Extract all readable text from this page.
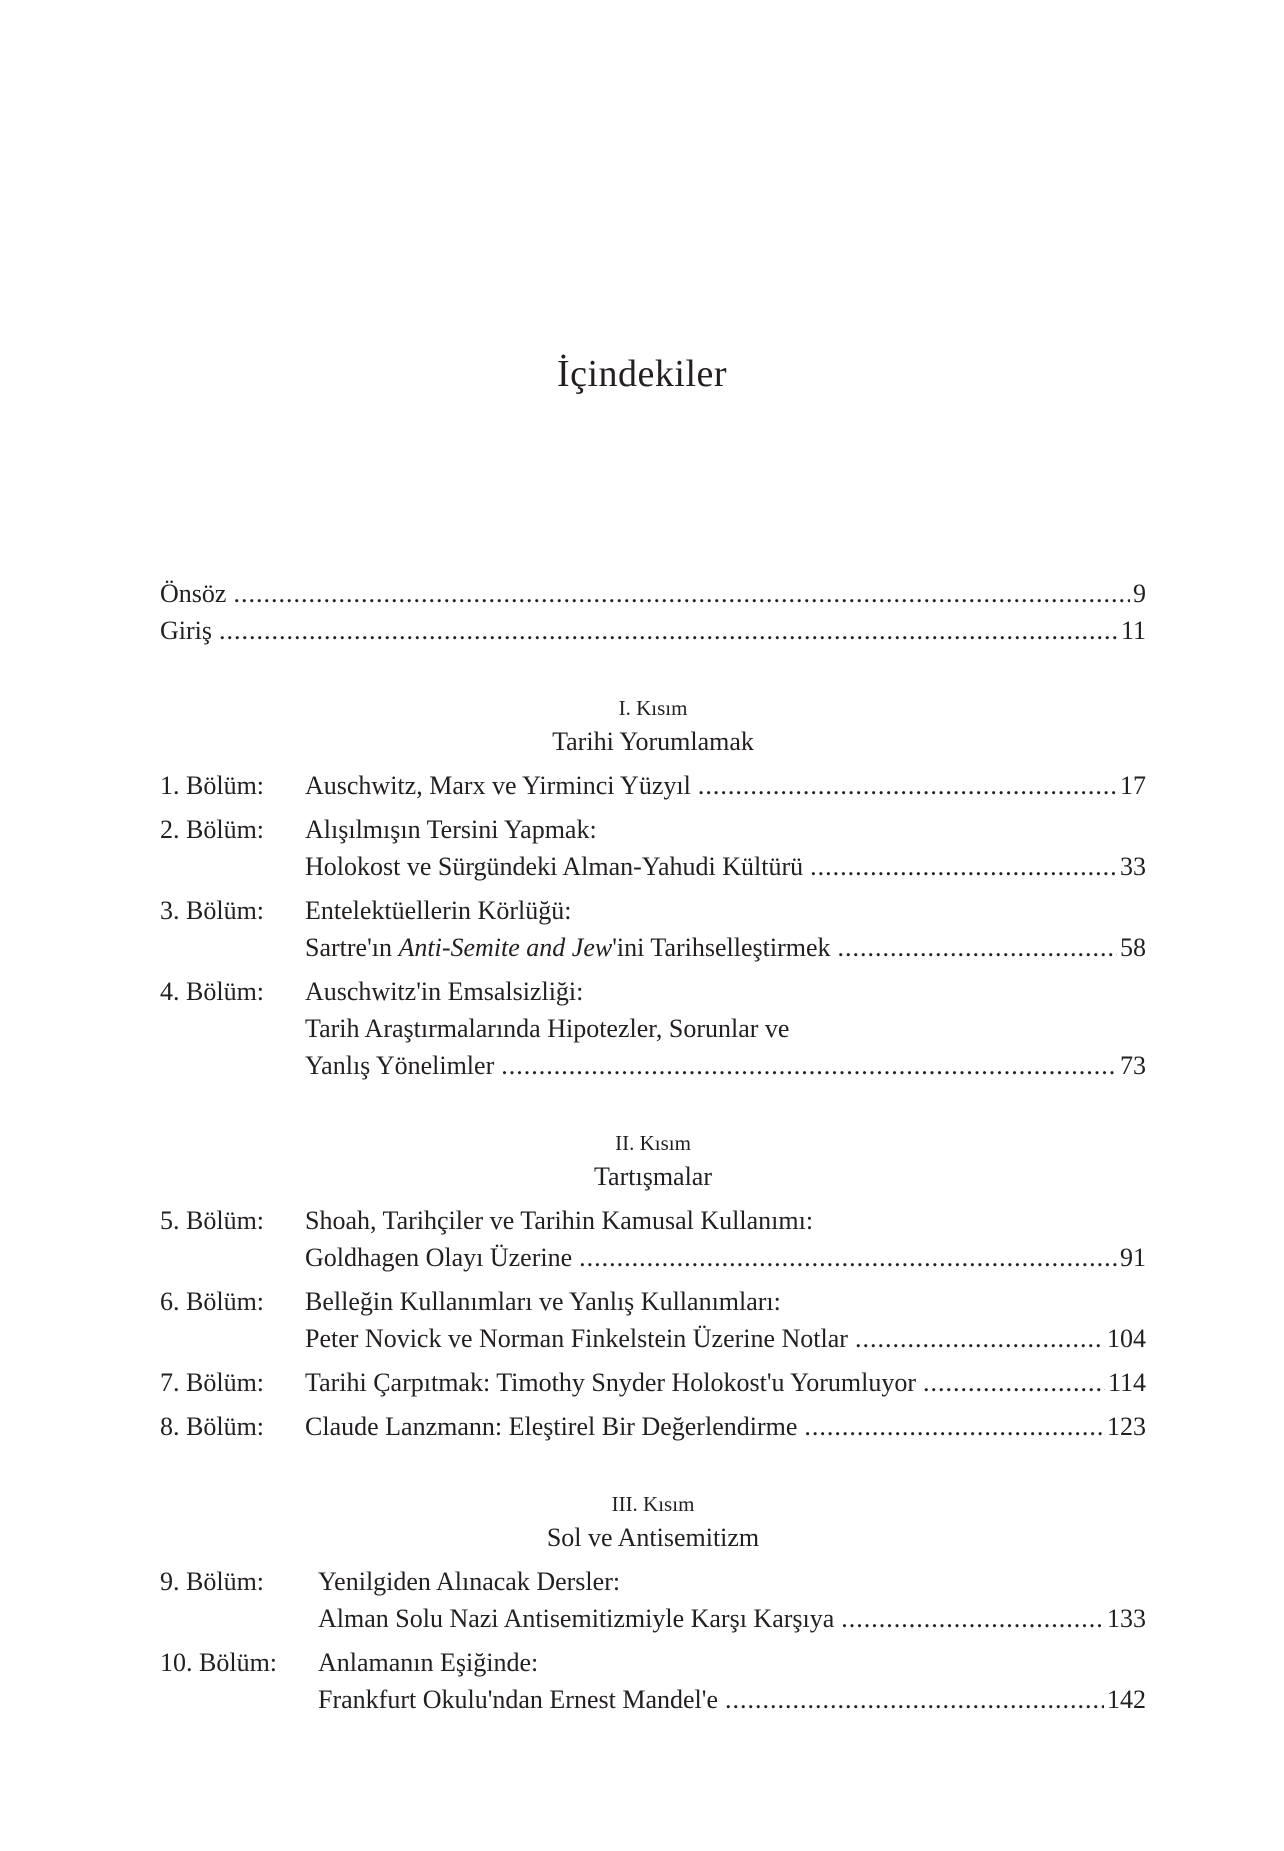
İçindekiler
Önsöz .....	9
Giriş .....	11
I. Kısım
Tarihi Yorumlamak
1. Bölüm:	Auschwitz, Marx ve Yirminci Yüzyıl .....	17
2. Bölüm:	Alışılmışın Tersini Yapmak:
Holokost ve Sürgündeki Alman-Yahudi Kültürü .....	33
3. Bölüm:	Entelektüellerin Körlüğü:
Sartre'ın Anti-Semite and Jew'ini Tarihselleştirmek .....	58
4. Bölüm:	Auschwitz'in Emsalsizliği:
Tarih Araştırmalarında Hipotezler, Sorunlar ve
Yanlış Yönelimler .....	73
II. Kısım
Tartışmalar
5. Bölüm:	Shoah, Tarihçiler ve Tarihin Kamusal Kullanımı:
Goldhagen Olayı Üzerine .....	91
6. Bölüm:	Belleğin Kullanımları ve Yanlış Kullanımları:
Peter Novick ve Norman Finkelstein Üzerine Notlar .....	104
7. Bölüm:	Tarihi Çarpıtmak: Timothy Snyder Holokost'u Yorumluyor .....	114
8. Bölüm:	Claude Lanzmann: Eleştirel Bir Değerlendirme .....	123
III. Kısım
Sol ve Antisemitizm
9. Bölüm:	Yenilgiden Alınacak Dersler:
Alman Solu Nazi Antisemitizmiyle Karşı Karşıya .....	133
10. Bölüm:	Anlamanın Eşiğinde:
Frankfurt Okulu'ndan Ernest Mandel'e .....	142
